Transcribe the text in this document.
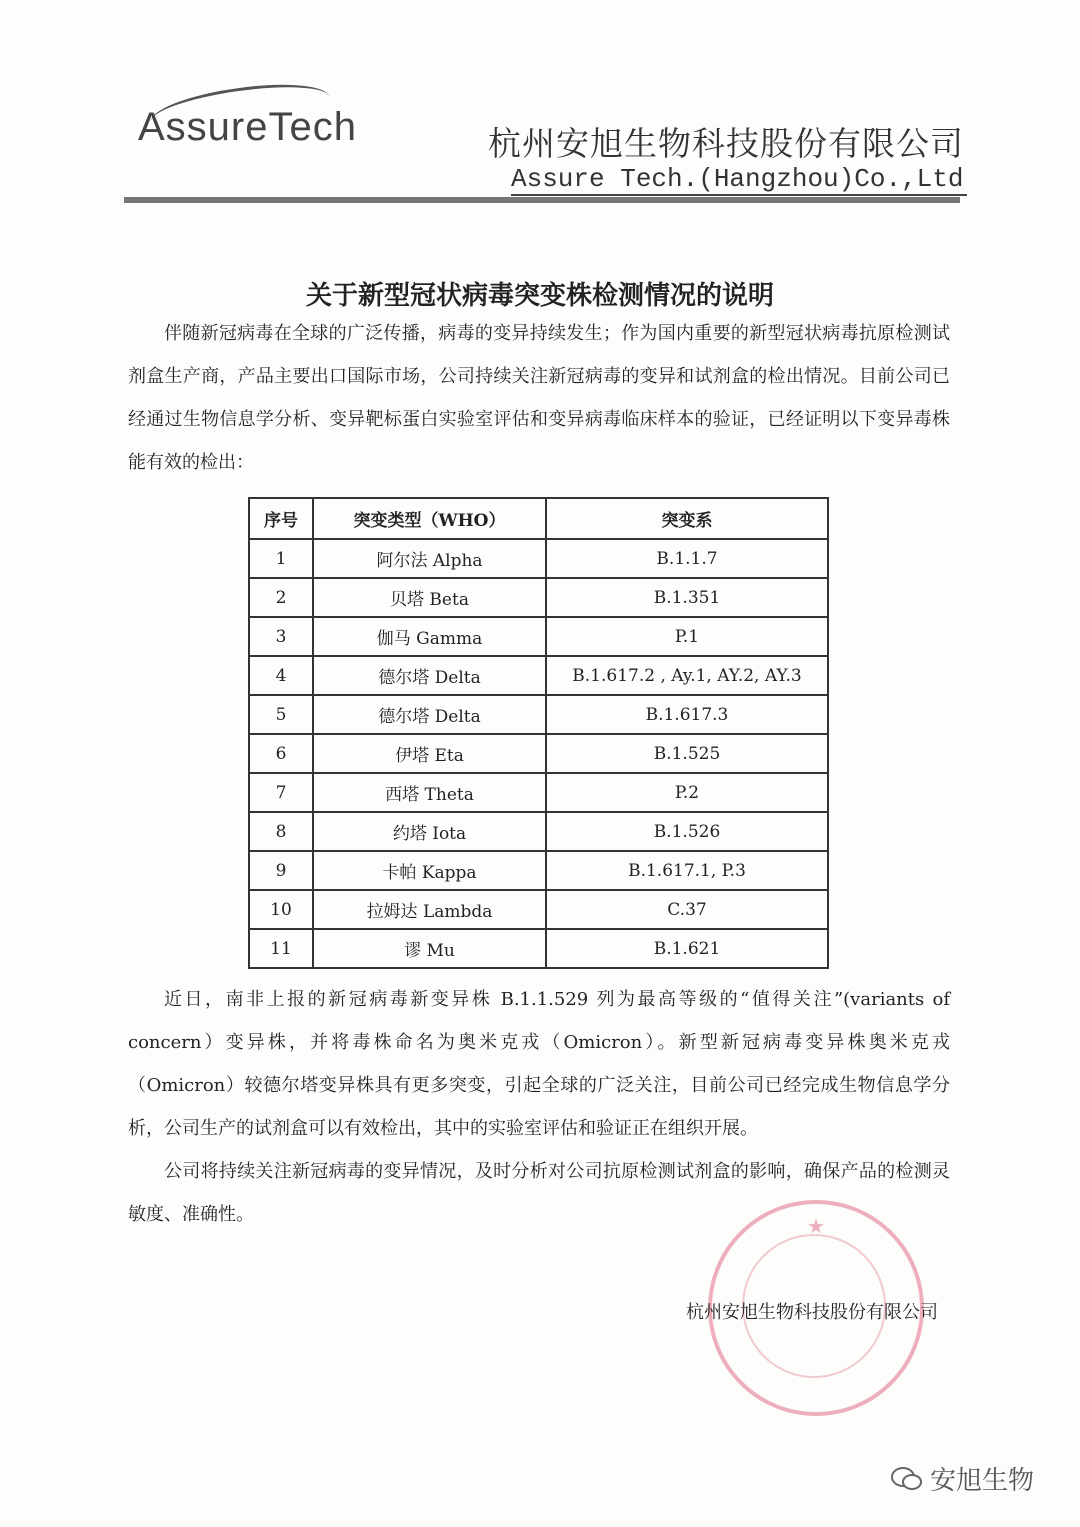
AssureTech	杭州安旭生物科技股份有限公司
Assure Tech.(Hangzhou)Co.,Ltd
关于新型冠状病毒突变株检测情况的说明

伴随新冠病毒在全球的广泛传播，病毒的变异持续发生；作为国内重要的新型冠状病毒抗原检测试剂盒生产商，产品主要出口国际市场，公司持续关注新冠病毒的变异和试剂盒的检出情况。目前公司已经通过生物信息学分析、变异靶标蛋白实验室评估和变异病毒临床样本的验证，已经证明以下变异毒株能有效的检出：

序号	突变类型（WHO）	突变系
1	阿尔法 Alpha	B.1.1.7
2	贝塔 Beta	B.1.351
3	伽马 Gamma	P.1
4	德尔塔 Delta	B.1.617.2 , Ay.1, AY.2, AY.3
5	德尔塔 Delta	B.1.617.3
6	伊塔 Eta	B.1.525
7	西塔 Theta	P.2
8	约塔 Iota	B.1.526
9	卡帕 Kappa	B.1.617.1, P.3
10	拉姆达 Lambda	C.37
11	谬 Mu	B.1.621

近日，南非上报的新冠病毒新变异株 B.1.1.529 列为最高等级的“值得关注”(variants of concern）变异株，并将毒株命名为奥米克戎（Omicron）。新型新冠病毒变异株奥米克戎（Omicron）较德尔塔变异株具有更多突变，引起全球的广泛关注，目前公司已经完成生物信息学分析，公司生产的试剂盒可以有效检出，其中的实验室评估和验证正在组织开展。

公司将持续关注新冠病毒的变异情况，及时分析对公司抗原检测试剂盒的影响，确保产品的检测灵敏度、准确性。	★
杭州安旭生物科技股份有限公司
安旭生物
